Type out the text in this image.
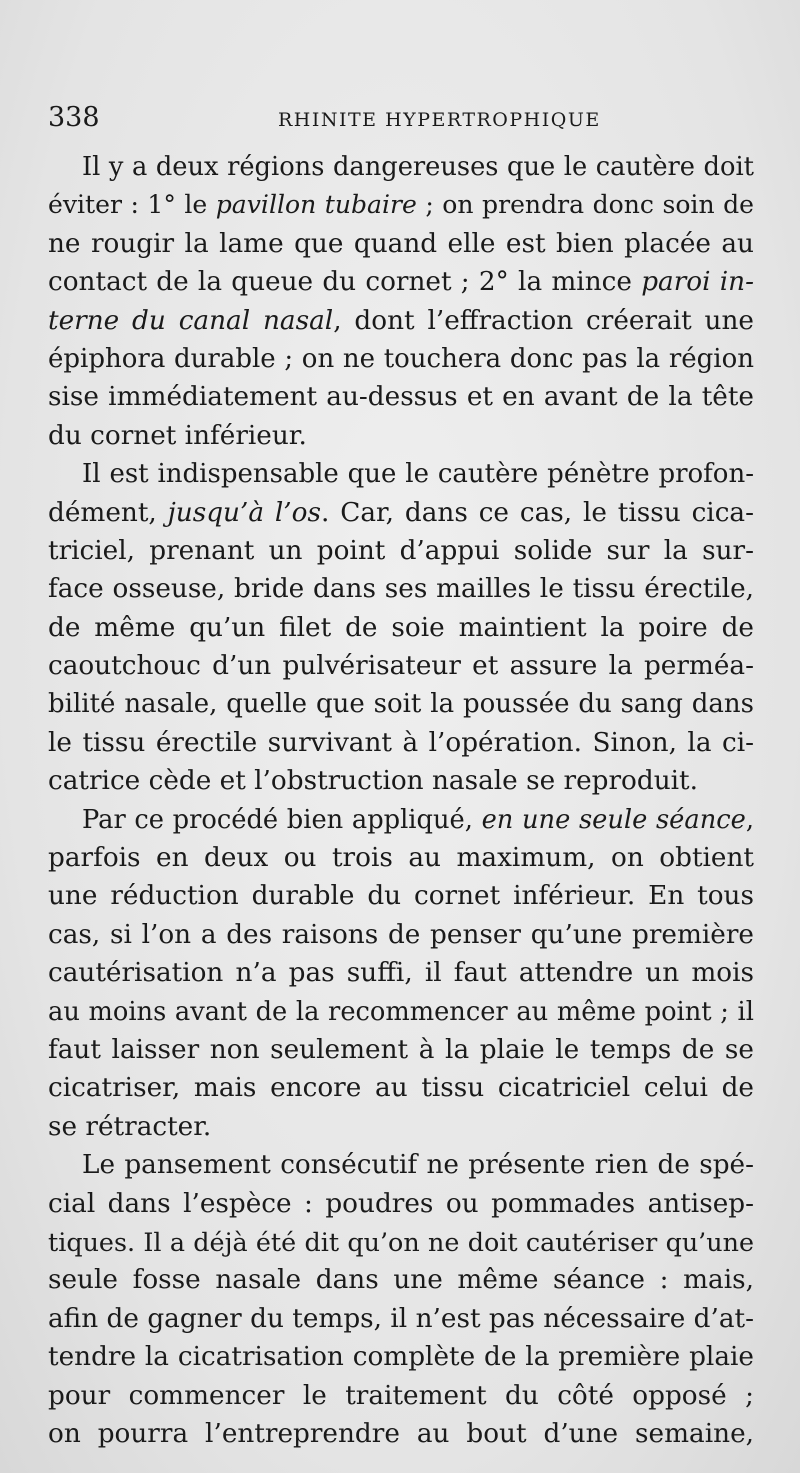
338	RHINITE HYPERTROPHIQUE
Il y a deux régions dangereuses que le cautère doit
éviter : 1° le pavillon tubaire ; on prendra donc soin de
ne rougir la lame que quand elle est bien placée au
contact de la queue du cornet ; 2° la mince paroi in-
terne du canal nasal, dont l’effraction créerait une
épiphora durable ; on ne touchera donc pas la région
sise immédiatement au-dessus et en avant de la tête
du cornet inférieur.
Il est indispensable que le cautère pénètre profon-
dément, jusqu’à l’os. Car, dans ce cas, le tissu cica-
triciel, prenant un point d’appui solide sur la sur-
face osseuse, bride dans ses mailles le tissu érectile,
de même qu’un filet de soie maintient la poire de
caoutchouc d’un pulvérisateur et assure la perméa-
bilité nasale, quelle que soit la poussée du sang dans
le tissu érectile survivant à l’opération. Sinon, la ci-
catrice cède et l’obstruction nasale se reproduit.
Par ce procédé bien appliqué, en une seule séance,
parfois en deux ou trois au maximum, on obtient
une réduction durable du cornet inférieur. En tous
cas, si l’on a des raisons de penser qu’une première
cautérisation n’a pas suffi, il faut attendre un mois
au moins avant de la recommencer au même point ; il
faut laisser non seulement à la plaie le temps de se
cicatriser, mais encore au tissu cicatriciel celui de
se rétracter.
Le pansement consécutif ne présente rien de spé-
cial dans l’espèce : poudres ou pommades antisep-
tiques. Il a déjà été dit qu’on ne doit cautériser qu’une
seule fosse nasale dans une même séance : mais,
afin de gagner du temps, il n’est pas nécessaire d’at-
tendre la cicatrisation complète de la première plaie
pour commencer le traitement du côté opposé ;
on pourra l’entreprendre au bout d’une semaine,
